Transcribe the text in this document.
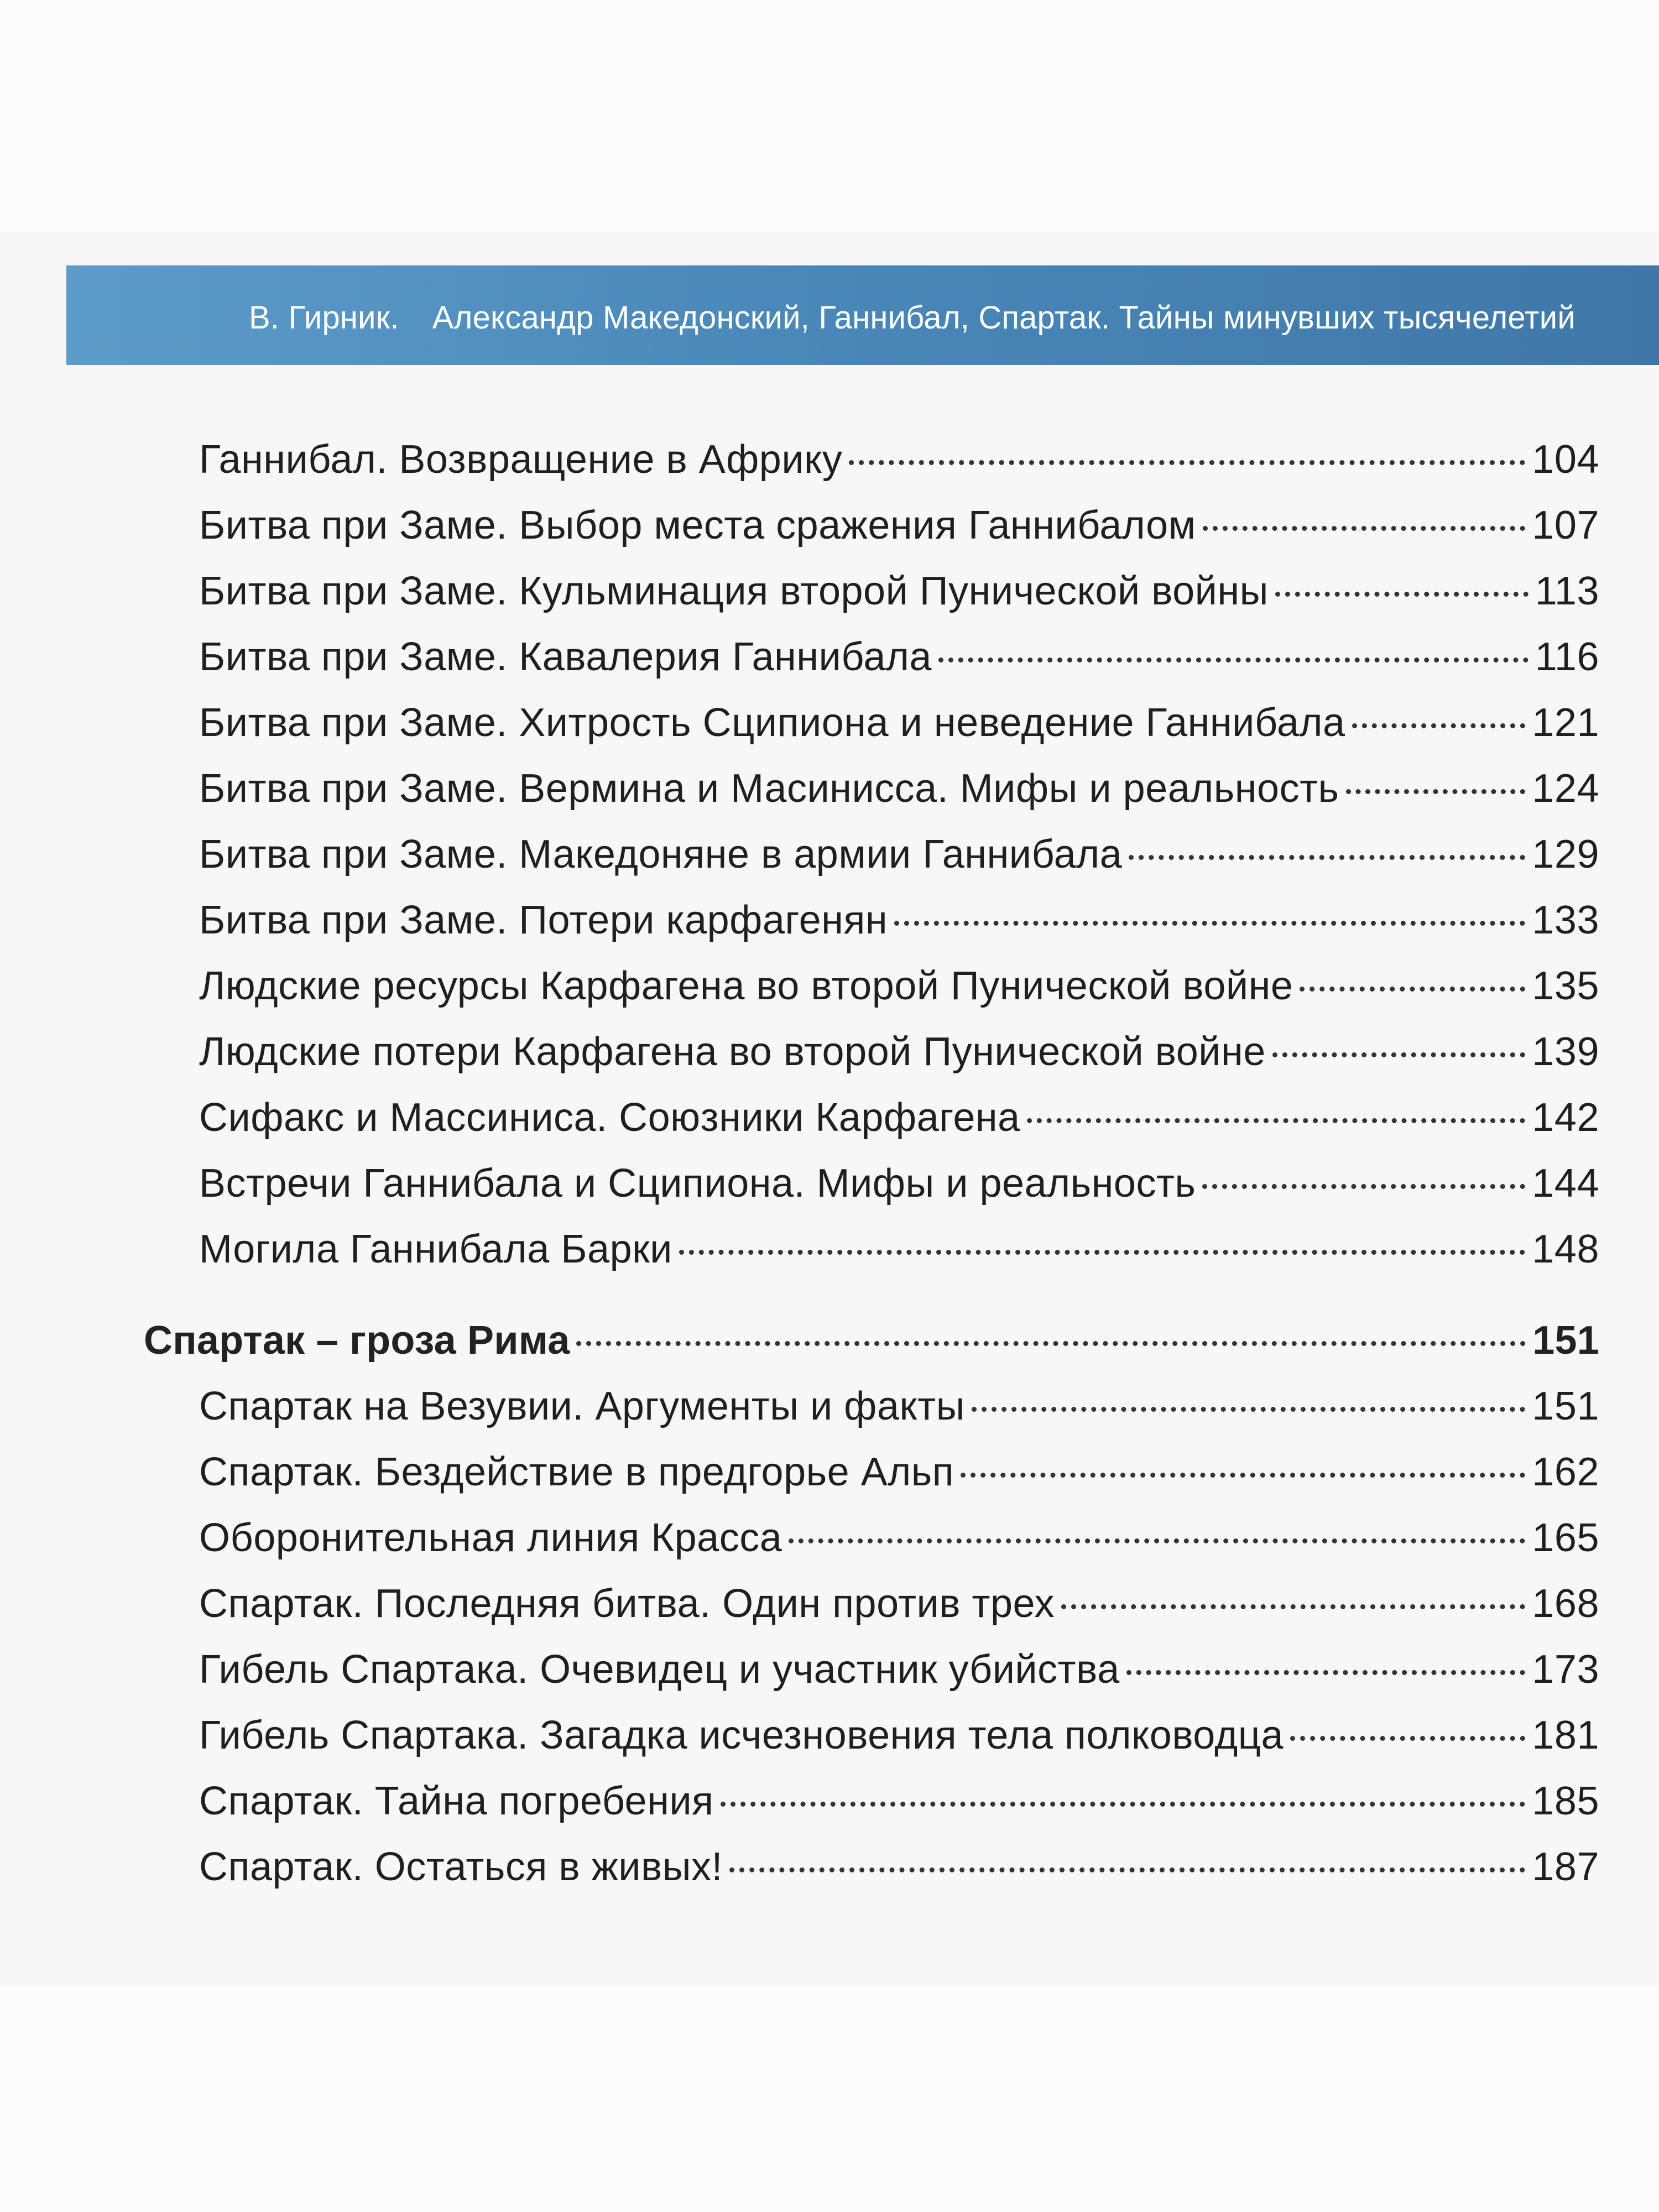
В. Гирник. Александр Македонский, Ганнибал, Спартак. Тайны минувших тысячелетий
Ганнибал. Возвращение в Африку	104
Битва при Заме. Выбор места сражения Ганнибалом	107
Битва при Заме. Кульминация второй Пунической войны	113
Битва при Заме. Кавалерия Ганнибала	116
Битва при Заме. Хитрость Сципиона и неведение Ганнибала	121
Битва при Заме. Вермина и Масинисса. Мифы и реальность	124
Битва при Заме. Македоняне в армии Ганнибала	129
Битва при Заме. Потери карфагенян	133
Людские ресурсы Карфагена во второй Пунической войне	135
Людские потери Карфагена во второй Пунической войне	139
Сифакс и Массиниса. Союзники Карфагена	142
Встречи Ганнибала и Сципиона. Мифы и реальность	144
Могила Ганнибала Барки	148
Спартак – гроза Рима	151
Спартак на Везувии. Аргументы и факты	151
Спартак. Бездействие в предгорье Альп	162
Оборонительная линия Красса	165
Спартак. Последняя битва. Один против трех	168
Гибель Спартака. Очевидец и участник убийства	173
Гибель Спартака. Загадка исчезновения тела полководца	181
Спартак. Тайна погребения	185
Спартак. Остаться в живых!	187
